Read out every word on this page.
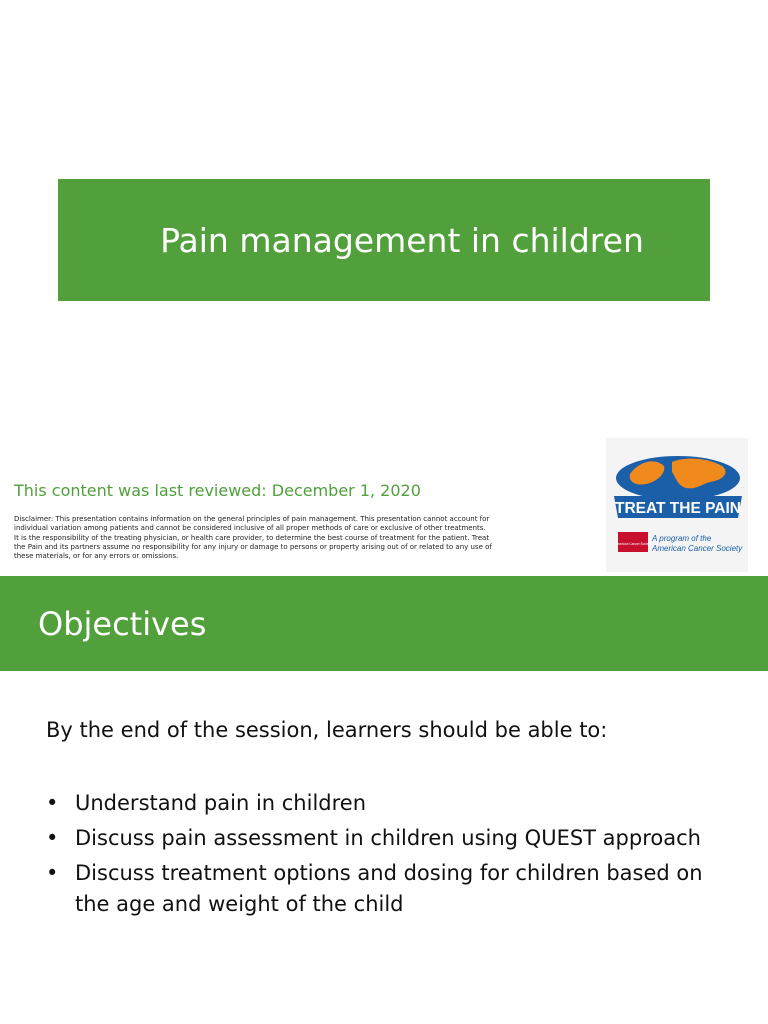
Pain management in children
This content was last reviewed: December 1, 2020
Disclaimer: This presentation contains information on the general principles of pain management. This presentation cannot account for individual variation among patients and cannot be considered inclusive of all proper methods of care or exclusive of other treatments. It is the responsibility of the treating physician, or health care provider, to determine the best course of treatment for the patient. Treat the Pain and its partners assume no responsibility for any injury or damage to persons or property arising out of or related to any use of these materials, or for any errors or omissions.
TREAT THE PAIN
American Cancer Society
A program of the
American Cancer Society
Objectives
By the end of the session, learners should be able to:
• Understand pain in children
• Discuss pain assessment in children using QUEST approach
• Discuss treatment options and dosing for children based on the age and weight of the child
